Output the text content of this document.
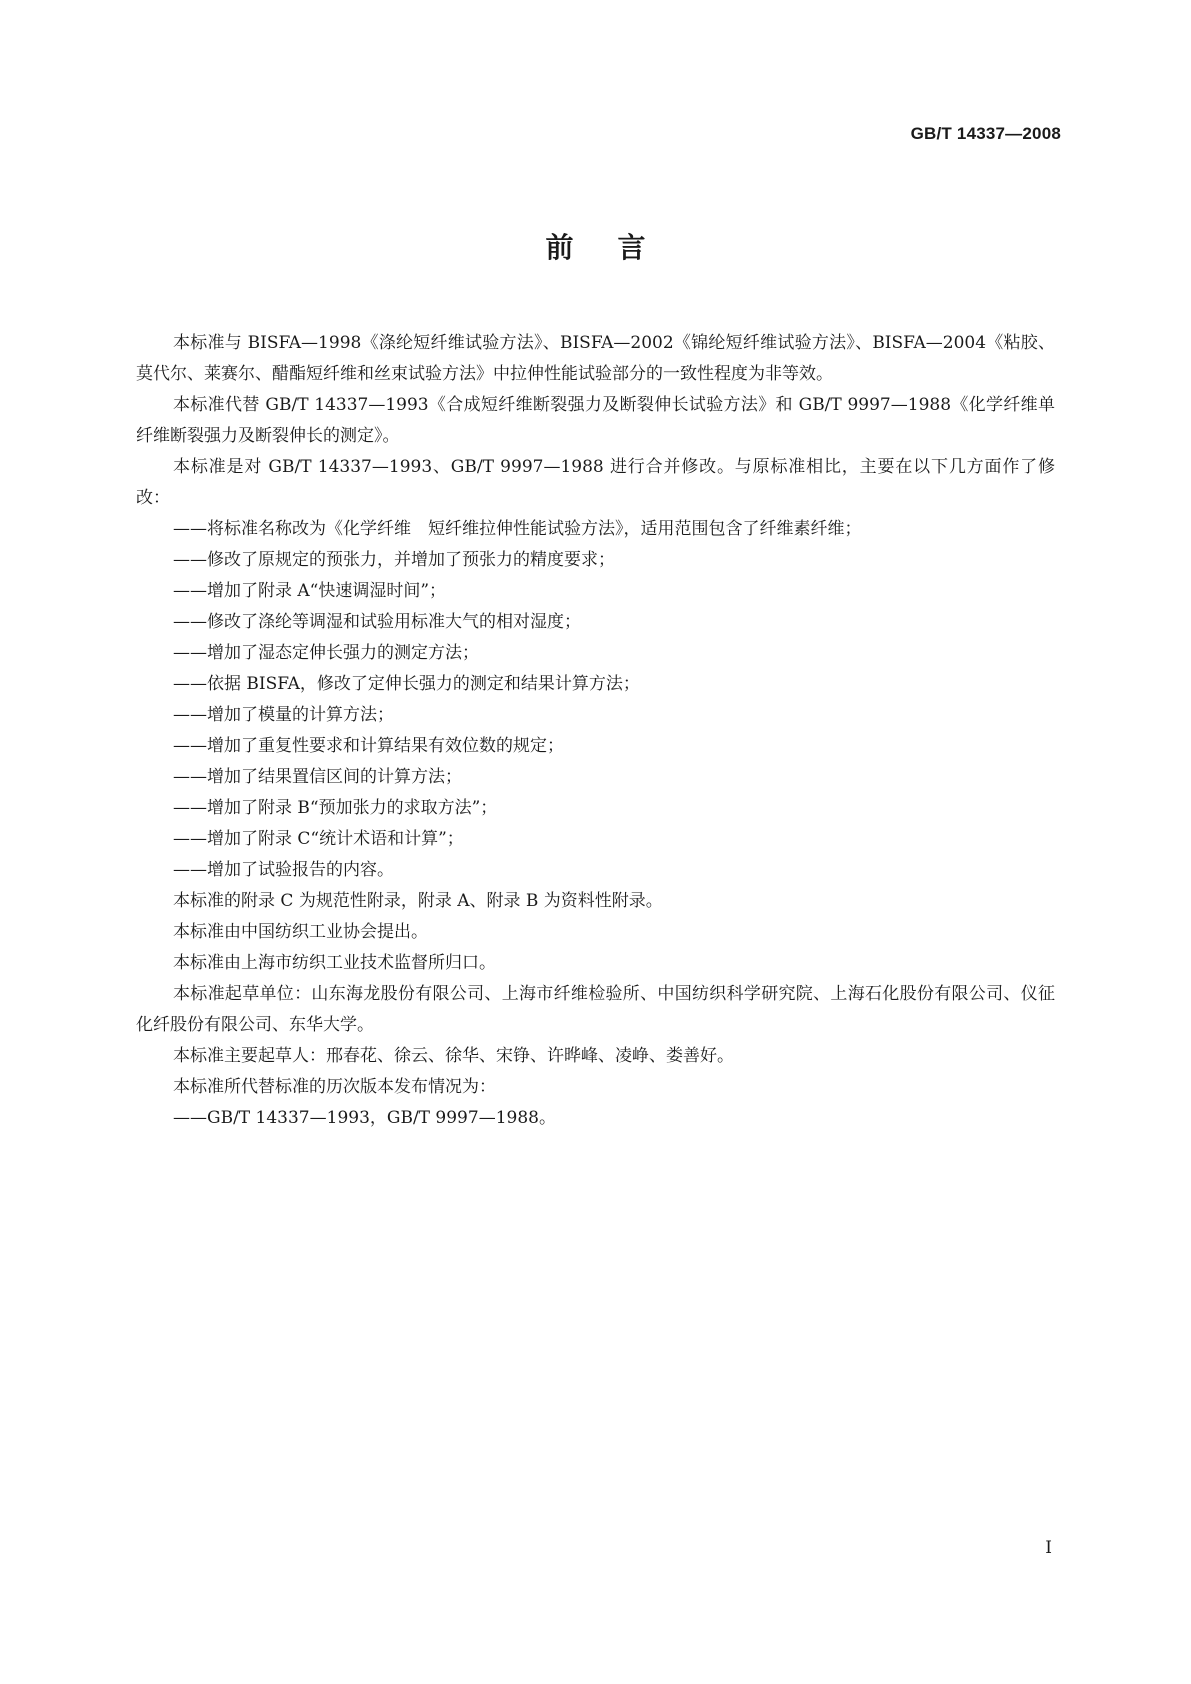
GB/T 14337—2008
前言

本标准与 BISFA—1998《涤纶短纤维试验方法》、BISFA—2002《锦纶短纤维试验方法》、BISFA—2004《粘胶、莫代尔、莱赛尔、醋酯短纤维和丝束试验方法》中拉伸性能试验部分的一致性程度为非等效。

本标准代替 GB/T 14337—1993《合成短纤维断裂强力及断裂伸长试验方法》和 GB/T 9997—1988《化学纤维单纤维断裂强力及断裂伸长的测定》。

本标准是对 GB/T 14337—1993、GB/T 9997—1988 进行合并修改。与原标准相比，主要在以下几方面作了修改：

——将标准名称改为《化学纤维　短纤维拉伸性能试验方法》，适用范围包含了纤维素纤维；

——修改了原规定的预张力，并增加了预张力的精度要求；

——增加了附录 A“快速调湿时间”；

——修改了涤纶等调湿和试验用标准大气的相对湿度；

——增加了湿态定伸长强力的测定方法；

——依据 BISFA，修改了定伸长强力的测定和结果计算方法；

——增加了模量的计算方法；

——增加了重复性要求和计算结果有效位数的规定；

——增加了结果置信区间的计算方法；

——增加了附录 B“预加张力的求取方法”；

——增加了附录 C“统计术语和计算”；

——增加了试验报告的内容。

本标准的附录 C 为规范性附录，附录 A、附录 B 为资料性附录。

本标准由中国纺织工业协会提出。

本标准由上海市纺织工业技术监督所归口。

本标准起草单位：山东海龙股份有限公司、上海市纤维检验所、中国纺织科学研究院、上海石化股份有限公司、仪征化纤股份有限公司、东华大学。

本标准主要起草人：邢春花、徐云、徐华、宋铮、许晔峰、凌峥、娄善好。

本标准所代替标准的历次版本发布情况为：

——GB/T 14337—1993，GB/T 9997—1988。

I
